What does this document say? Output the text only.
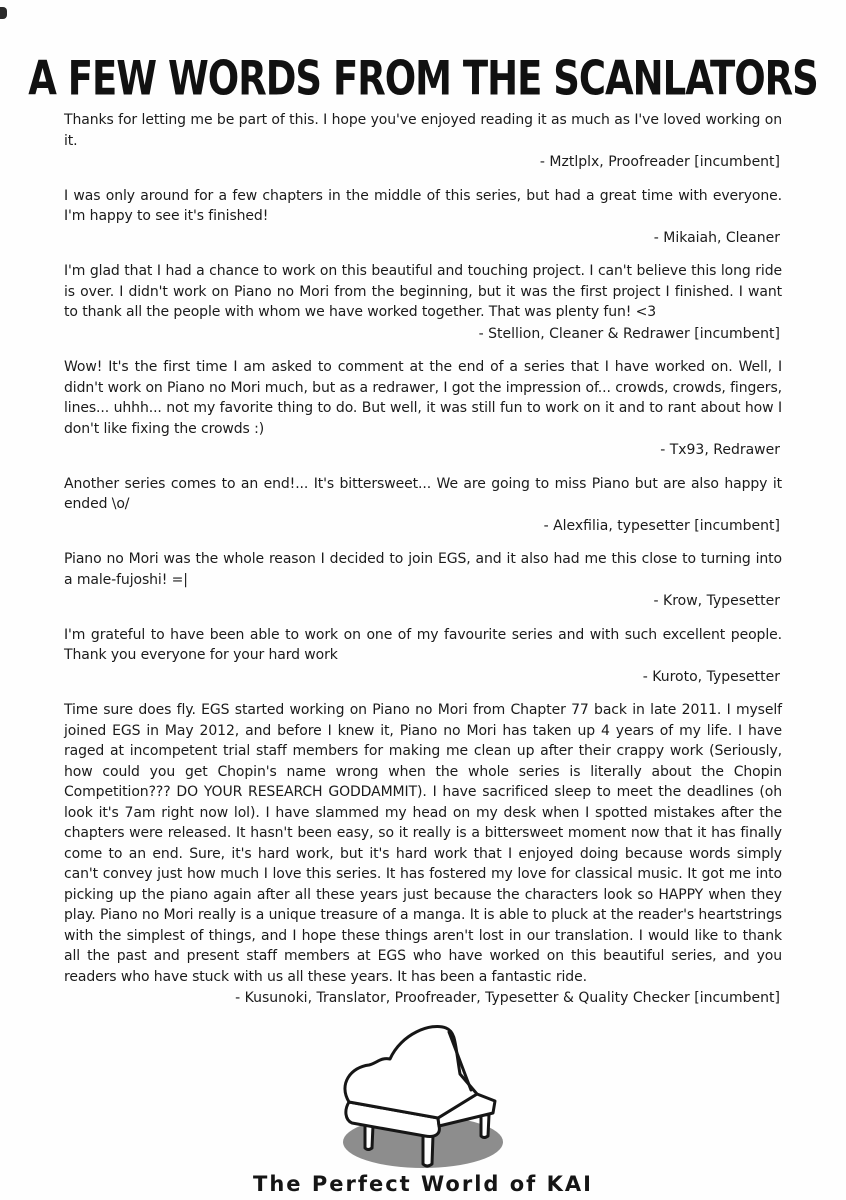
A FEW WORDS FROM THE SCANLATORS

Thanks for letting me be part of this. I hope you've enjoyed reading it as much as I've loved working on it.

- Mztlplx, Proofreader [incumbent]

I was only around for a few chapters in the middle of this series, but had a great time with everyone. I'm happy to see it's finished!

- Mikaiah, Cleaner

I'm glad that I had a chance to work on this beautiful and touching project. I can't believe this long ride is over. I didn't work on Piano no Mori from the beginning, but it was the first project I finished. I want to thank all the people with whom we have worked together. That was plenty fun! <3

- Stellion, Cleaner & Redrawer [incumbent]

Wow! It's the first time I am asked to comment at the end of a series that I have worked on. Well, I didn't work on Piano no Mori much, but as a redrawer, I got the impression of... crowds, crowds, fingers, lines... uhhh... not my favorite thing to do. But well, it was still fun to work on it and to rant about how I don't like fixing the crowds :)

- Tx93, Redrawer

Another series comes to an end!... It's bittersweet... We are going to miss Piano but are also happy it ended \o/

- Alexfilia, typesetter [incumbent]

Piano no Mori was the whole reason I decided to join EGS, and it also had me this close to turning into a male-fujoshi! =|

- Krow, Typesetter

I'm grateful to have been able to work on one of my favourite series and with such excellent people. Thank you everyone for your hard work

- Kuroto, Typesetter

Time sure does fly. EGS started working on Piano no Mori from Chapter 77 back in late 2011. I myself joined EGS in May 2012, and before I knew it, Piano no Mori has taken up 4 years of my life. I have raged at incompetent trial staff members for making me clean up after their crappy work (Seriously, how could you get Chopin's name wrong when the whole series is literally about the Chopin Competition??? DO YOUR RESEARCH GODDAMMIT). I have sacrificed sleep to meet the deadlines (oh look it's 7am right now lol). I have slammed my head on my desk when I spotted mistakes after the chapters were released. It hasn't been easy, so it really is a bittersweet moment now that it has finally come to an end. Sure, it's hard work, but it's hard work that I enjoyed doing because words simply can't convey just how much I love this series. It has fostered my love for classical music. It got me into picking up the piano again after all these years just because the characters look so HAPPY when they play. Piano no Mori really is a unique treasure of a manga. It is able to pluck at the reader's heartstrings with the simplest of things, and I hope these things aren't lost in our translation. I would like to thank all the past and present staff members at EGS who have worked on this beautiful series, and you readers who have stuck with us all these years. It has been a fantastic ride.

- Kusunoki, Translator, Proofreader, Typesetter & Quality Checker [incumbent]

The Perfect World of KAI
